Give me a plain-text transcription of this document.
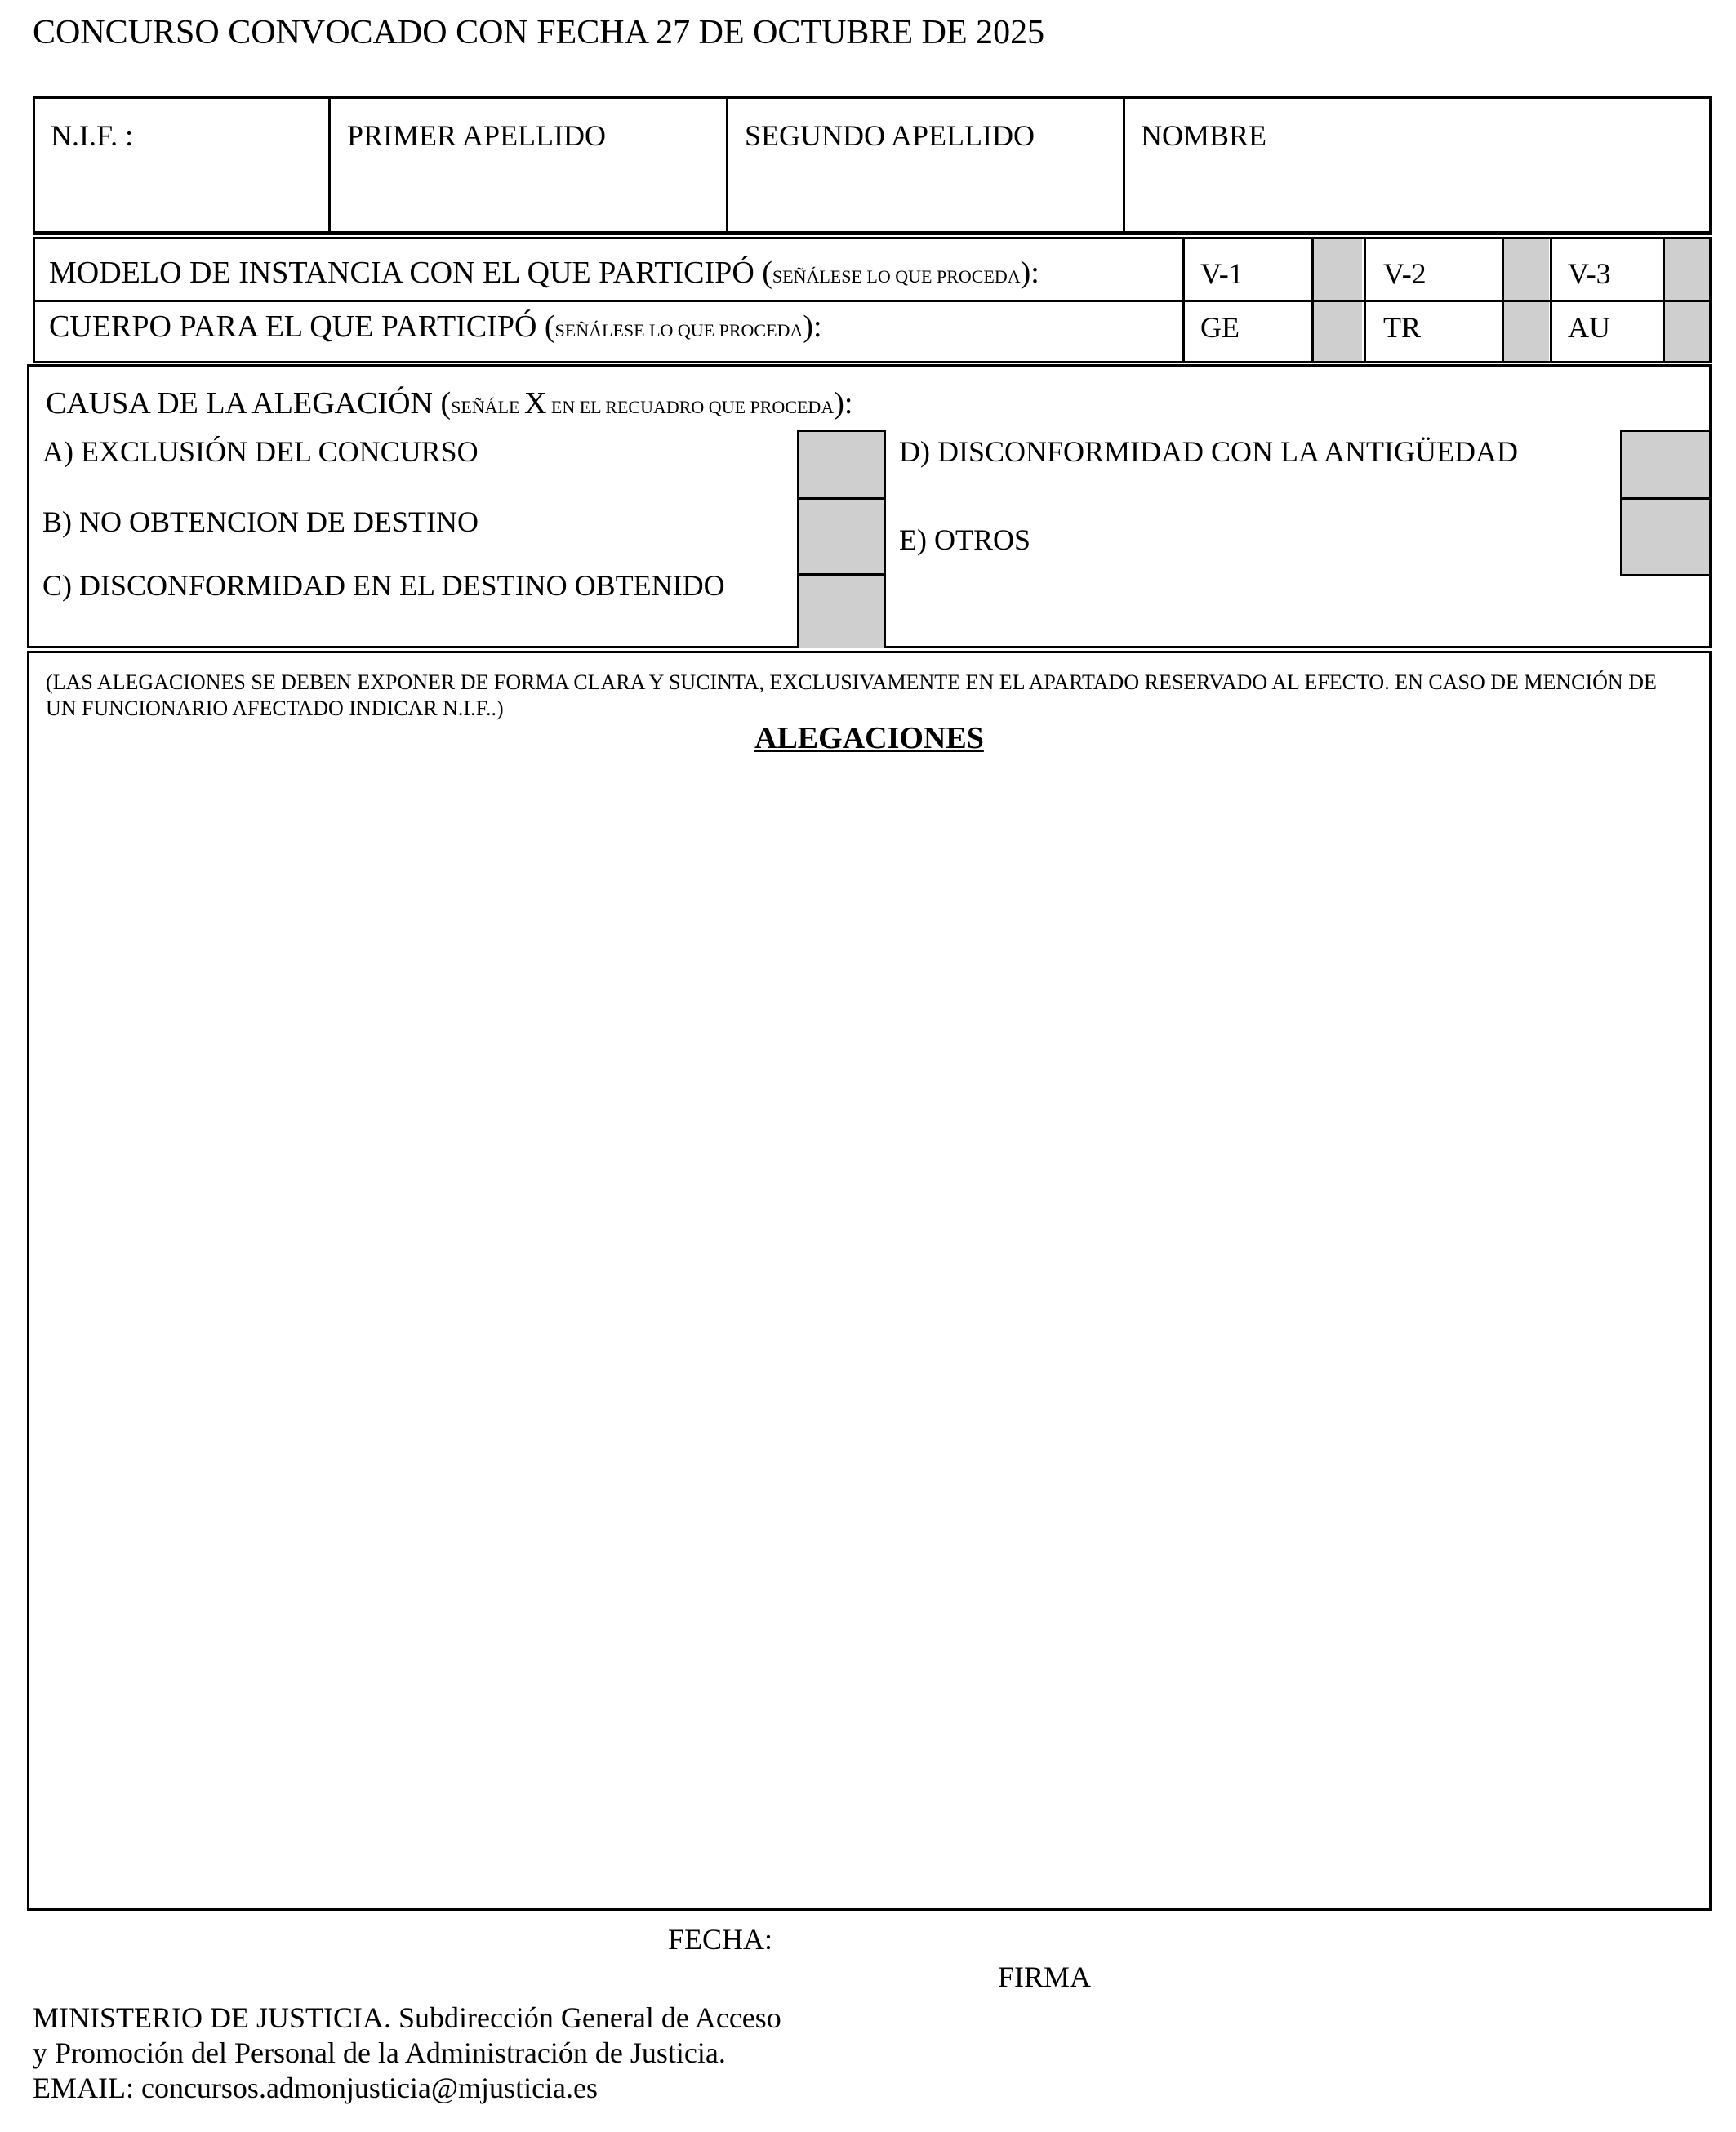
CONCURSO CONVOCADO CON FECHA 27 DE OCTUBRE DE 2025
N.I.F. :	PRIMER APELLIDO	SEGUNDO APELLIDO	NOMBRE
MODELO DE INSTANCIA CON EL QUE PARTICIPÓ (SEÑÁLESE LO QUE PROCEDA):	V-1	V-2	V-3
CUERPO PARA EL QUE PARTICIPÓ (SEÑÁLESE LO QUE PROCEDA):	GE	TR	AU
CAUSA DE LA ALEGACIÓN (SEÑÁLE X EN EL RECUADRO QUE PROCEDA):
A) EXCLUSIÓN DEL CONCURSO
B) NO OBTENCION DE DESTINO
C) DISCONFORMIDAD EN EL DESTINO OBTENIDO
D) DISCONFORMIDAD CON LA ANTIGÜEDAD
E) OTROS
(LAS ALEGACIONES SE DEBEN EXPONER DE FORMA CLARA Y SUCINTA, EXCLUSIVAMENTE EN EL APARTADO RESERVADO AL EFECTO. EN CASO DE MENCIÓN DE UN FUNCIONARIO AFECTADO INDICAR N.I.F..)
ALEGACIONES
FECHA:
FIRMA
MINISTERIO DE JUSTICIA. Subdirección General de Acceso
y Promoción del Personal de la Administración de Justicia.
EMAIL: concursos.admonjusticia@mjusticia.es
